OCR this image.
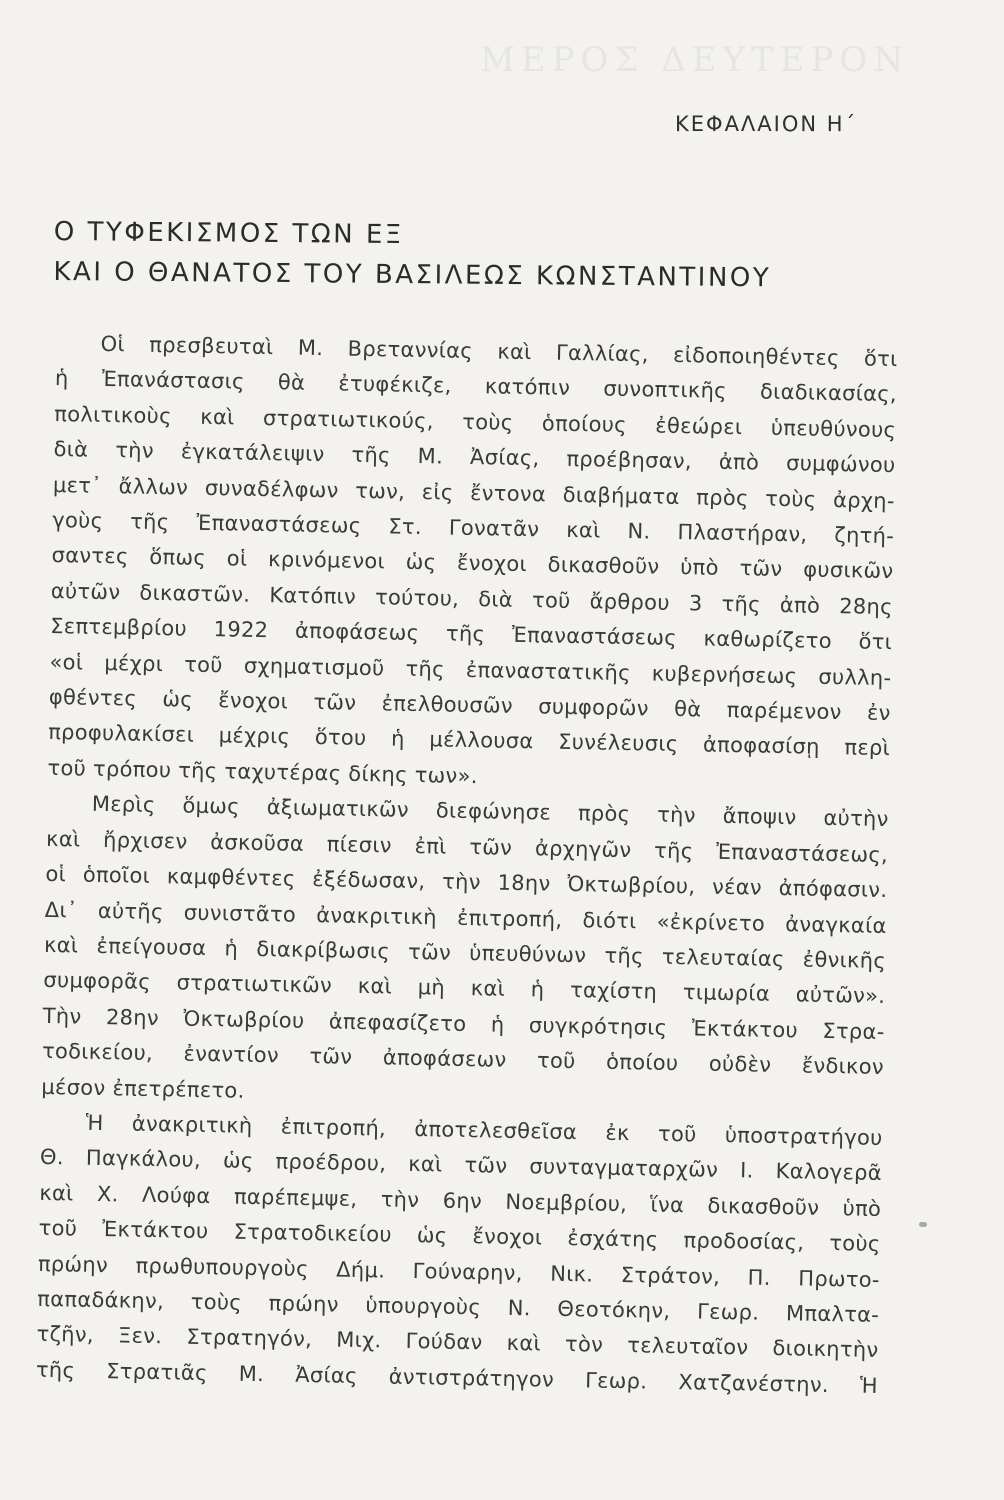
ΜΕΡΟΣ ΔΕΥΤΕΡΟΝ
ΚΕΦΑΛΑΙΟΝ Η΄
Ο ΤΥΦΕΚΙΣΜΟΣ ΤΩΝ ΕΞ
ΚΑΙ Ο ΘΑΝΑΤΟΣ ΤΟΥ ΒΑΣΙΛΕΩΣ ΚΩΝΣΤΑΝΤΙΝΟΥ

Οἱ πρεσβευταὶ Μ. Βρεταννίας καὶ Γαλλίας, εἰδοποιηθέντες ὅτι
ἡ Ἐπανάστασις θὰ ἐτυφέκιζε, κατόπιν συνοπτικῆς διαδικασίας,
πολιτικοὺς καὶ στρατιωτικούς, τοὺς ὁποίους ἐθεώρει ὑπευθύνους
διὰ τὴν ἐγκατάλειψιν τῆς Μ. Ἀσίας, προέβησαν, ἀπὸ συμφώνου
μετ᾽ ἄλλων συναδέλφων των, εἰς ἔντονα διαβήματα πρὸς τοὺς ἀρχη-
γοὺς τῆς Ἐπαναστάσεως Στ. Γονατᾶν καὶ Ν. Πλαστήραν, ζητή-
σαντες ὅπως οἱ κρινόμενοι ὡς ἔνοχοι δικασθοῦν ὑπὸ τῶν φυσικῶν
αὐτῶν δικαστῶν. Κατόπιν τούτου, διὰ τοῦ ἄρθρου 3 τῆς ἀπὸ 28ης
Σεπτεμβρίου 1922 ἀποφάσεως τῆς Ἐπαναστάσεως καθωρίζετο ὅτι
«οἱ μέχρι τοῦ σχηματισμοῦ τῆς ἐπαναστατικῆς κυβερνήσεως συλλη-
φθέντες ὡς ἔνοχοι τῶν ἐπελθουσῶν συμφορῶν θὰ παρέμενον ἐν
προφυλακίσει μέχρις ὅτου ἡ μέλλουσα Συνέλευσις ἀποφασίσῃ περὶ
τοῦ τρόπου τῆς ταχυτέρας δίκης των».

Μερὶς ὅμως ἀξιωματικῶν διεφώνησε πρὸς τὴν ἄποψιν αὐτὴν
καὶ ἤρχισεν ἀσκοῦσα πίεσιν ἐπὶ τῶν ἀρχηγῶν τῆς Ἐπαναστάσεως,
οἱ ὁποῖοι καμφθέντες ἐξέδωσαν, τὴν 18ην Ὀκτωβρίου, νέαν ἀπόφασιν.
Δι᾽ αὐτῆς συνιστᾶτο ἀνακριτικὴ ἐπιτροπή, διότι «ἐκρίνετο ἀναγκαία
καὶ ἐπείγουσα ἡ διακρίβωσις τῶν ὑπευθύνων τῆς τελευταίας ἐθνικῆς
συμφορᾶς στρατιωτικῶν καὶ μὴ καὶ ἡ ταχίστη τιμωρία αὐτῶν».
Τὴν 28ην Ὀκτωβρίου ἀπεφασίζετο ἡ συγκρότησις Ἐκτάκτου Στρα-
τοδικείου, ἐναντίον τῶν ἀποφάσεων τοῦ ὁποίου οὐδὲν ἔνδικον
μέσον ἐπετρέπετο.

Ἡ ἀνακριτικὴ ἐπιτροπή, ἀποτελεσθεῖσα ἐκ τοῦ ὑποστρατήγου
Θ. Παγκάλου, ὡς προέδρου, καὶ τῶν συνταγματαρχῶν Ι. Καλογερᾶ
καὶ Χ. Λούφα παρέπεμψε, τὴν 6ην Νοεμβρίου, ἵνα δικασθοῦν ὑπὸ
τοῦ Ἐκτάκτου Στρατοδικείου ὡς ἔνοχοι ἐσχάτης προδοσίας, τοὺς
πρώην πρωθυπουργοὺς Δήμ. Γούναρην, Νικ. Στράτον, Π. Πρωτο-
παπαδάκην, τοὺς πρώην ὑπουργοὺς Ν. Θεοτόκην, Γεωρ. Μπαλτα-
τζῆν, Ξεν. Στρατηγόν, Μιχ. Γούδαν καὶ τὸν τελευταῖον διοικητὴν
τῆς Στρατιᾶς Μ. Ἀσίας ἀντιστράτηγον Γεωρ. Χατζανέστην. Ἡ
